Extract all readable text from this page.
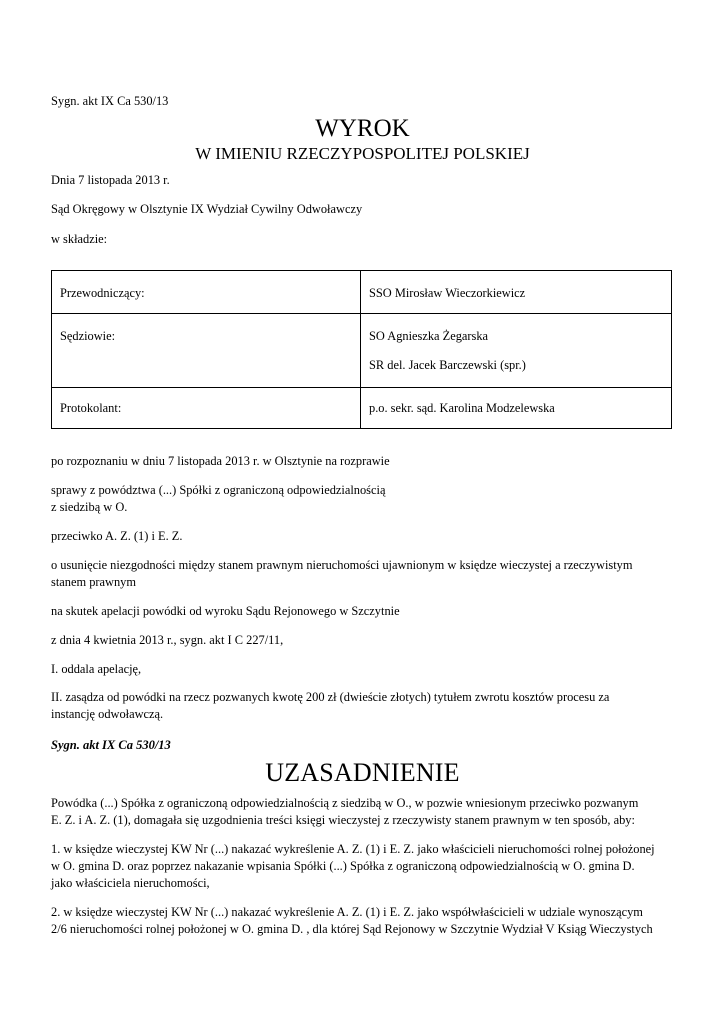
Sygn. akt IX Ca 530/13
WYROK
W IMIENIU RZECZYPOSPOLITEJ POLSKIEJ
Dnia 7 listopada 2013 r.
Sąd Okręgowy w Olsztynie IX Wydział Cywilny Odwoławczy
w składzie:
Przewodniczący:	SSO Mirosław Wieczorkiewicz

Sędziowie:	SO Agnieszka Żegarska
SR del. Jacek Barczewski (spr.)

Protokolant:	p.o. sekr. sąd. Karolina Modzelewska
po rozpoznaniu w dniu 7 listopada 2013 r. w Olsztynie na rozprawie
sprawy z powództwa (...) Spółki z ograniczoną odpowiedzialnością
z siedzibą w O.
przeciwko A. Z. (1) i E. Z.
o usunięcie niezgodności między stanem prawnym nieruchomości ujawnionym w księdze wieczystej a rzeczywistym
stanem prawnym
na skutek apelacji powódki od wyroku Sądu Rejonowego w Szczytnie
z dnia 4 kwietnia 2013 r., sygn. akt I C 227/11,
I. oddala apelację,
II. zasądza od powódki na rzecz pozwanych kwotę 200 zł (dwieście złotych) tytułem zwrotu kosztów procesu za
instancję odwoławczą.
Sygn. akt IX Ca 530/13
UZASADNIENIE
Powódka (...) Spółka z ograniczoną odpowiedzialnością z siedzibą w O., w pozwie wniesionym przeciwko pozwanym
E. Z. i A. Z. (1), domagała się uzgodnienia treści księgi wieczystej z rzeczywisty stanem prawnym w ten sposób, aby:
1. w księdze wieczystej KW Nr (...) nakazać wykreślenie A. Z. (1) i E. Z. jako właścicieli nieruchomości rolnej położonej
w O. gmina D. oraz poprzez nakazanie wpisania Spółki (...) Spółka z ograniczoną odpowiedzialnością w O. gmina D.
jako właściciela nieruchomości,
2. w księdze wieczystej KW Nr (...) nakazać wykreślenie A. Z. (1) i E. Z. jako współwłaścicieli w udziale wynoszącym
2/6 nieruchomości rolnej położonej w O. gmina D. , dla której Sąd Rejonowy w Szczytnie Wydział V Ksiąg Wieczystych
